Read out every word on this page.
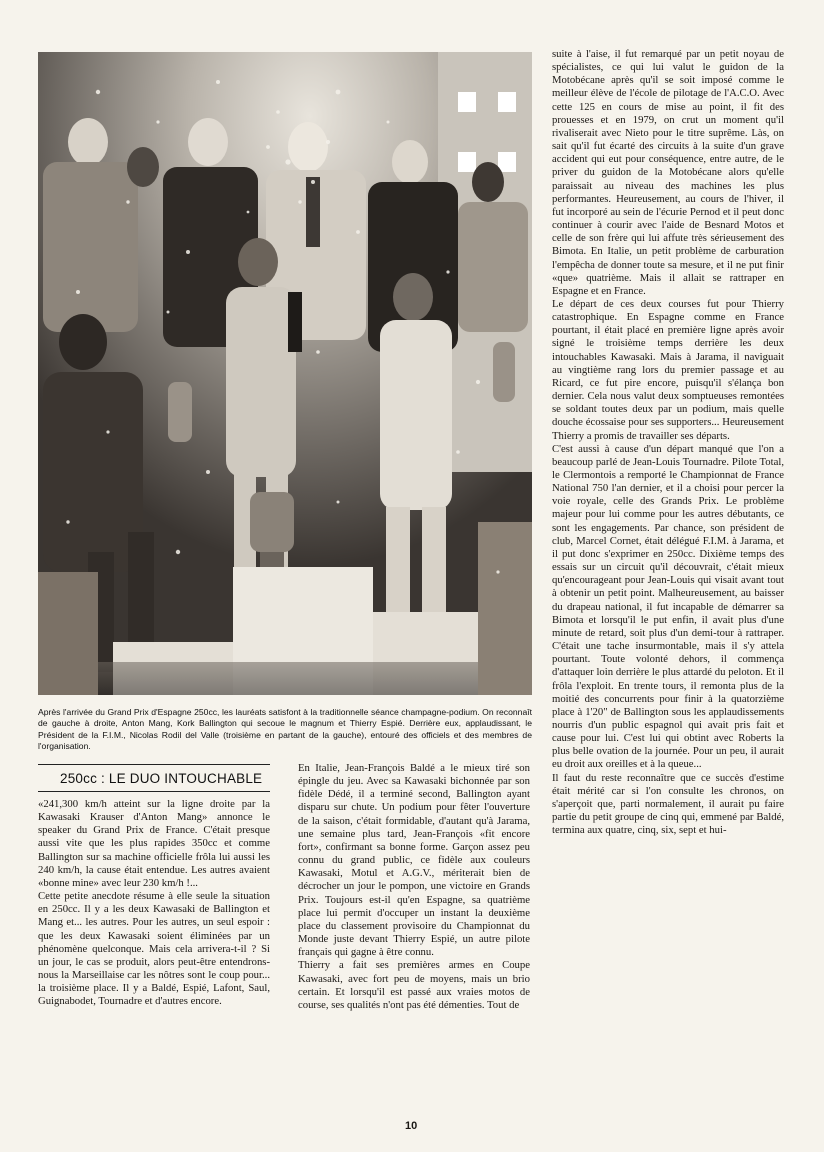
Après l'arrivée du Grand Prix d'Espagne 250cc, les lauréats satisfont à la traditionnelle séance champagne-podium. On reconnaît de gauche à droite, Anton Mang, Kork Ballington qui secoue le magnum et Thierry Espié. Derrière eux, applaudissant, le Président de la F.I.M., Nicolas Rodil del Valle (troisième en partant de la gauche), entouré des officiels et des membres de l'organisation.

suite à l'aise, il fut remarqué par un petit noyau de spécialistes, ce qui lui valut le guidon de la Motobécane après qu'il se soit imposé comme le meilleur élève de l'école de pilotage de l'A.C.O. Avec cette 125 en cours de mise au point, il fit des prouesses et en 1979, on crut un moment qu'il rivaliserait avec Nieto pour le titre suprême. Làs, on sait qu'il fut écarté des circuits à la suite d'un grave accident qui eut pour conséquence, entre autre, de le priver du guidon de la Motobécane alors qu'elle paraissait au niveau des machines les plus performantes. Heureusement, au cours de l'hiver, il fut incorporé au sein de l'écurie Pernod et il peut donc continuer à courir avec l'aide de Besnard Motos et celle de son frère qui lui affute très sérieusement des Bimota. En Italie, un petit problème de carburation l'empêcha de donner toute sa mesure, et il ne put finir «que» quatrième. Mais il allait se rattraper en Espagne et en France.

Le départ de ces deux courses fut pour Thierry catastrophique. En Espagne comme en France pourtant, il était placé en première ligne après avoir signé le troisième temps derrière les deux intouchables Kawasaki. Mais à Jarama, il naviguait au vingtième rang lors du premier passage et au Ricard, ce fut pire encore, puisqu'il s'élança bon dernier. Cela nous valut deux somptueuses remontées se soldant toutes deux par un podium, mais quelle douche écossaise pour ses supporters... Heureusement Thierry a promis de travailler ses départs.

C'est aussi à cause d'un départ manqué que l'on a beaucoup parlé de Jean-Louis Tournadre. Pilote Total, le Clermontois a remporté le Championnat de France National 750 l'an dernier, et il a choisi pour percer la voie royale, celle des Grands Prix. Le problème majeur pour lui comme pour les autres débutants, ce sont les engagements. Par chance, son président de club, Marcel Cornet, était délégué F.I.M. à Jarama, et il put donc s'exprimer en 250cc. Dixième temps des essais sur un circuit qu'il découvrait, c'était mieux qu'encourageant pour Jean-Louis qui visait avant tout à obtenir un petit point. Malheureusement, au baisser du drapeau national, il fut incapable de démarrer sa Bimota et lorsqu'il le put enfin, il avait plus d'une minute de retard, soit plus d'un demi-tour à rattraper. C'était une tache insurmontable, mais il s'y attela pourtant. Toute volonté dehors, il commença d'attaquer loin derrière le plus attardé du peloton. Et il frôla l'exploit. En trente tours, il remonta plus de la moitié des concurrents pour finir à la quatorzième place à 1'20" de Ballington sous les applaudissements nourris d'un public espagnol qui avait pris fait et cause pour lui. C'est lui qui obtint avec Roberts la plus belle ovation de la journée. Pour un peu, il aurait eu droit aux oreilles et à la queue...

Il faut du reste reconnaître que ce succès d'estime était mérité car si l'on consulte les chronos, on s'aperçoit que, parti normalement, il aurait pu faire partie du petit groupe de cinq qui, emmené par Baldé, termina aux quatre, cinq, six, sept et hui-

250cc : LE DUO INTOUCHABLE

«241,300 km/h atteint sur la ligne droite par la Kawasaki Krauser d'Anton Mang» annonce le speaker du Grand Prix de France. C'était presque aussi vite que les plus rapides 350cc et comme Ballington sur sa machine officielle frôla lui aussi les 240 km/h, la cause était entendue. Les autres avaient «bonne mine» avec leur 230 km/h !...

Cette petite anecdote résume à elle seule la situation en 250cc. Il y a les deux Kawasaki de Ballington et Mang et... les autres. Pour les autres, un seul espoir : que les deux Kawasaki soient éliminées par un phénomène quelconque. Mais cela arrivera-t-il ? Si un jour, le cas se produit, alors peut-être entendrons-nous la Marseillaise car les nôtres sont le coup pour... la troisième place. Il y a Baldé, Espié, Lafont, Saul, Guignabodet, Tournadre et d'autres encore.

En Italie, Jean-François Baldé a le mieux tiré son épingle du jeu. Avec sa Kawasaki bichonnée par son fidèle Dédé, il a terminé second, Ballington ayant disparu sur chute. Un podium pour fêter l'ouverture de la saison, c'était formidable, d'autant qu'à Jarama, une semaine plus tard, Jean-François «fit encore fort», confirmant sa bonne forme. Garçon assez peu connu du grand public, ce fidèle aux couleurs Kawasaki, Motul et A.G.V., mériterait bien de décrocher un jour le pompon, une victoire en Grands Prix. Toujours est-il qu'en Espagne, sa quatrième place lui permit d'occuper un instant la deuxième place du classement provisoire du Championnat du Monde juste devant Thierry Espié, un autre pilote français qui gagne à être connu.

Thierry a fait ses premières armes en Coupe Kawasaki, avec fort peu de moyens, mais un brio certain. Et lorsqu'il est passé aux vraies motos de course, ses qualités n'ont pas été démenties. Tout de

10
